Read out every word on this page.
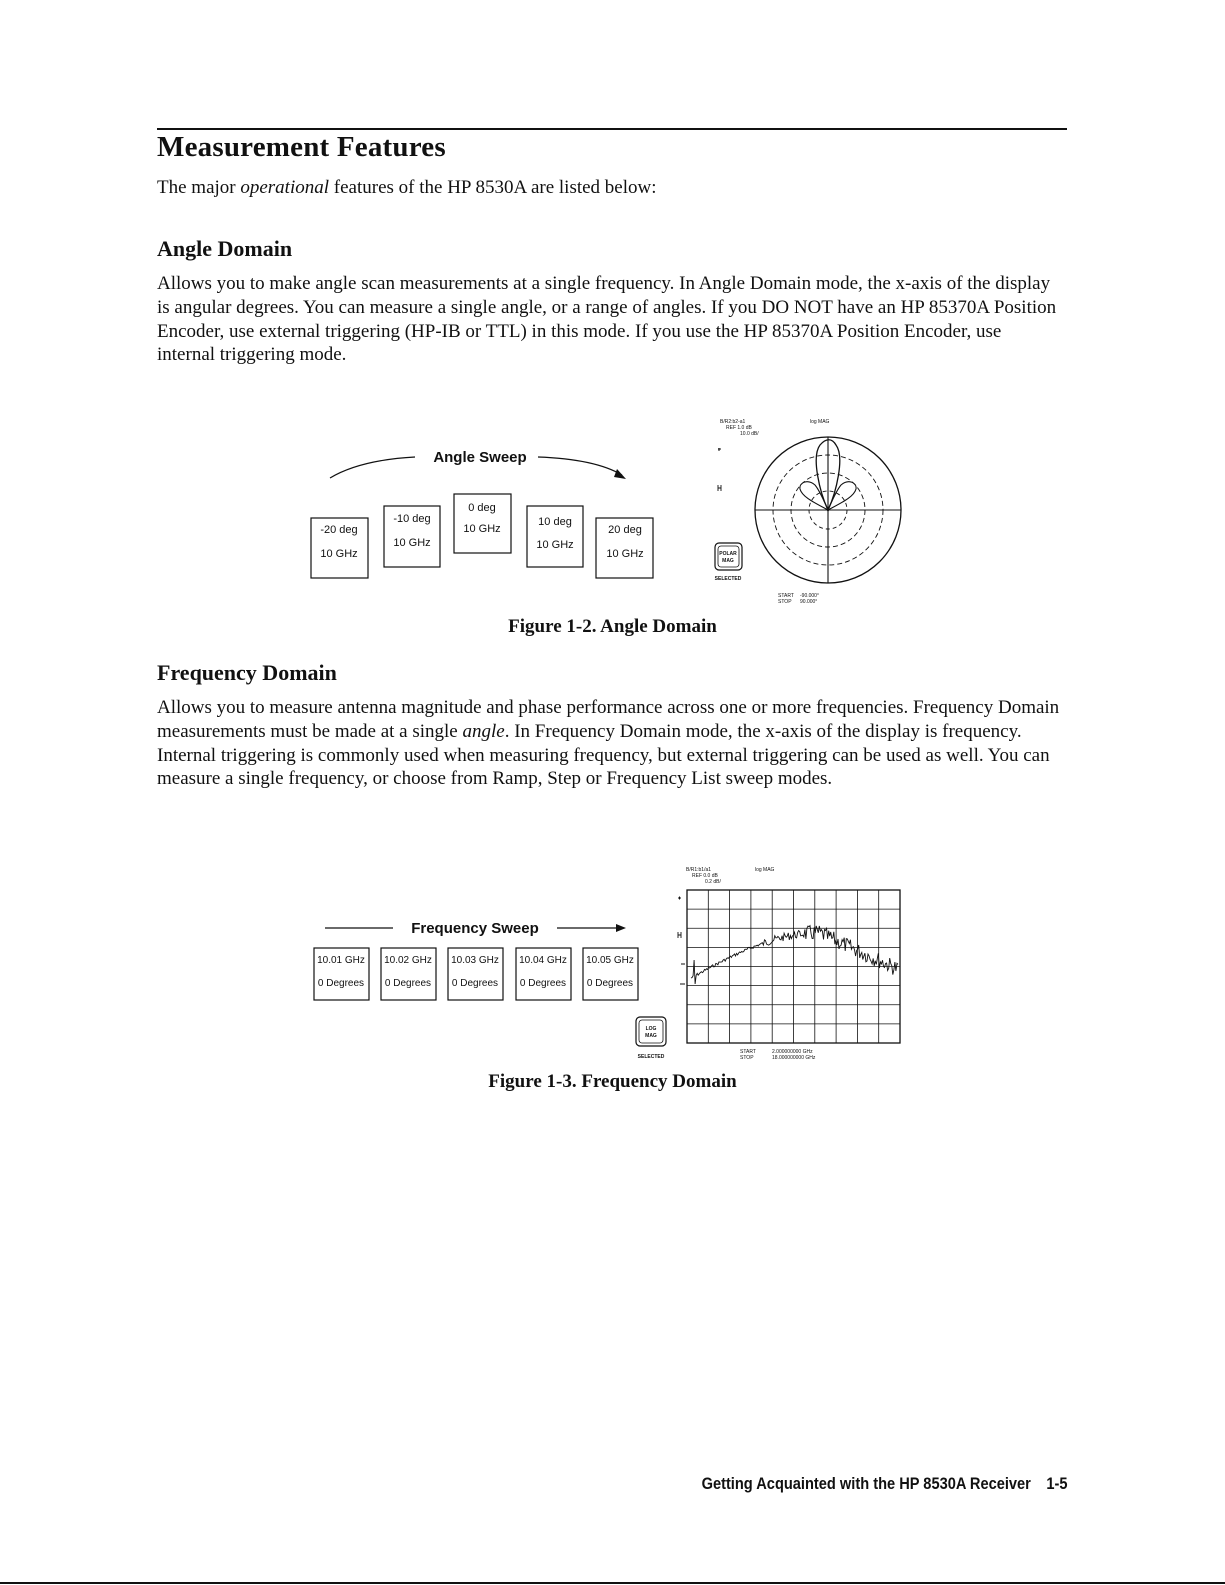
Measurement Features

The major operational features of the HP 8530A are listed below:

Angle Domain

Allows you to make angle scan measurements at a single frequency. In Angle Domain mode, the x-axis of the display is angular degrees. You can measure a single angle, or a range of angles. If you DO NOT have an HP 85370A Position Encoder, use external triggering (HP-IB or TTL) in this mode. If you use the HP 85370A Position Encoder, use internal triggering mode.

Angle Sweep
-20 deg
10 GHz
-10 deg
10 GHz
0 deg
10 GHz
10 deg
10 GHz
20 deg
10 GHz
B/R2:b2-a1	log MAG
REF 1.0 dB
10.0 dB/
POLAR
MAG
SELECTED
START -90.000°
STOP 90.000°

Figure 1-2. Angle Domain

Frequency Domain

Allows you to measure antenna magnitude and phase performance across one or more frequencies. Frequency Domain measurements must be made at a single angle. In Frequency Domain mode, the x-axis of the display is frequency. Internal triggering is commonly used when measuring frequency, but external triggering can be used as well. You can measure a single frequency, or choose from Ramp, Step or Frequency List sweep modes.

Frequency Sweep
10.01 GHz
0 Degrees
10.02 GHz
0 Degrees
10.03 GHz
0 Degrees
10.04 GHz
0 Degrees
10.05 GHz
0 Degrees
B/R1:b1/a1	log MAG
REF 0.0 dB
0.2 dB/
LOG
MAG
SELECTED
START	2.000000000 GHz
STOP	18.000000000 GHz

Figure 1-3. Frequency Domain

Getting Acquainted with the HP 8530A Receiver 1-5
